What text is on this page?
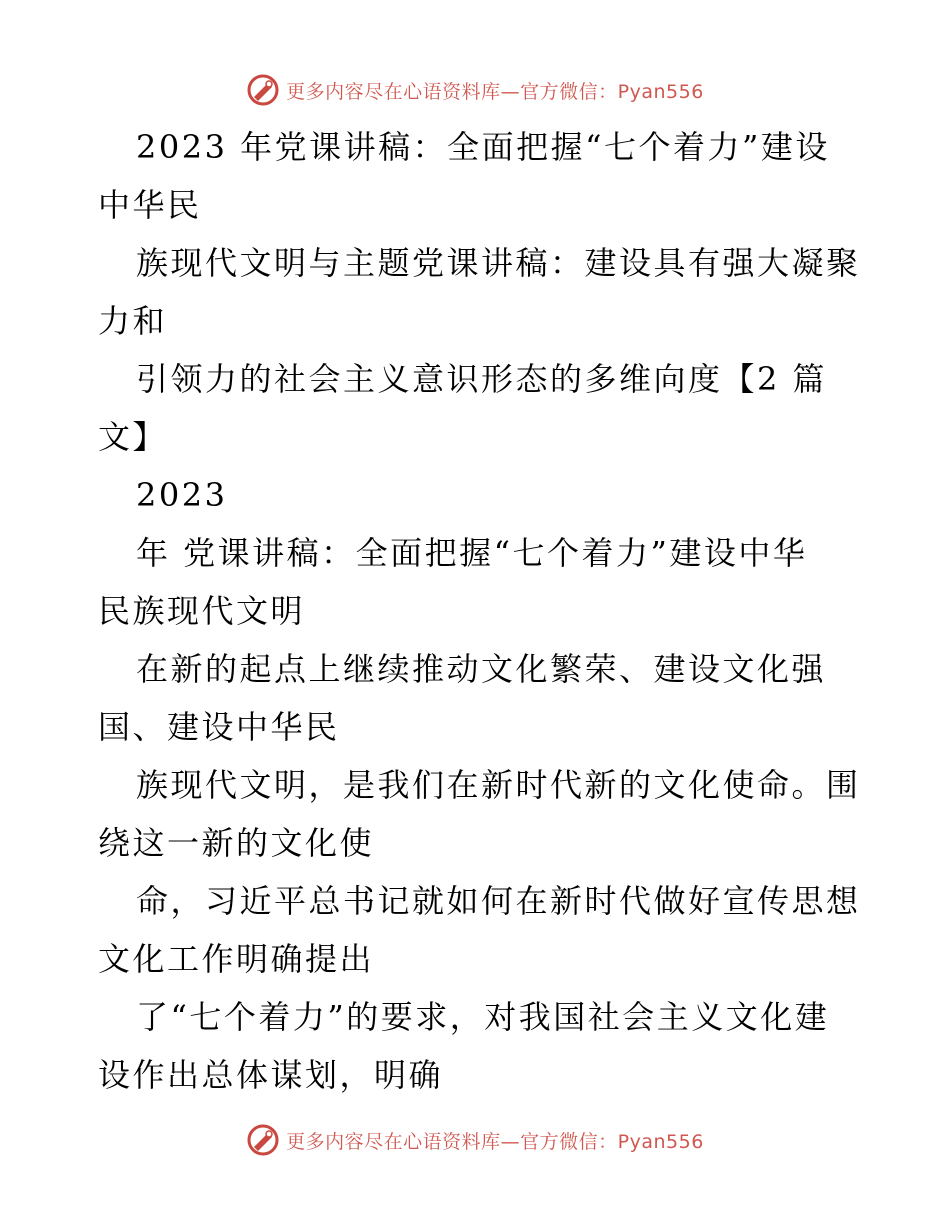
更多内容尽在心语资料库—官方微信：Pyan556

2023 年党课讲稿：全面把握“七个着力”建设

中华民

族现代文明与主题党课讲稿：建设具有强大凝聚

力和

引领力的社会主义意识形态的多维向度【2 篇

文】

2023

年 党课讲稿：全面把握“七个着力”建设中华

民族现代文明

在新的起点上继续推动文化繁荣、建设文化强

国、建设中华民

族现代文明，是我们在新时代新的文化使命。围

绕这一新的文化使

命，习近平总书记就如何在新时代做好宣传思想

文化工作明确提出

了“七个着力”的要求，对我国社会主义文化建

设作出总体谋划，明确

更多内容尽在心语资料库—官方微信：Pyan556
